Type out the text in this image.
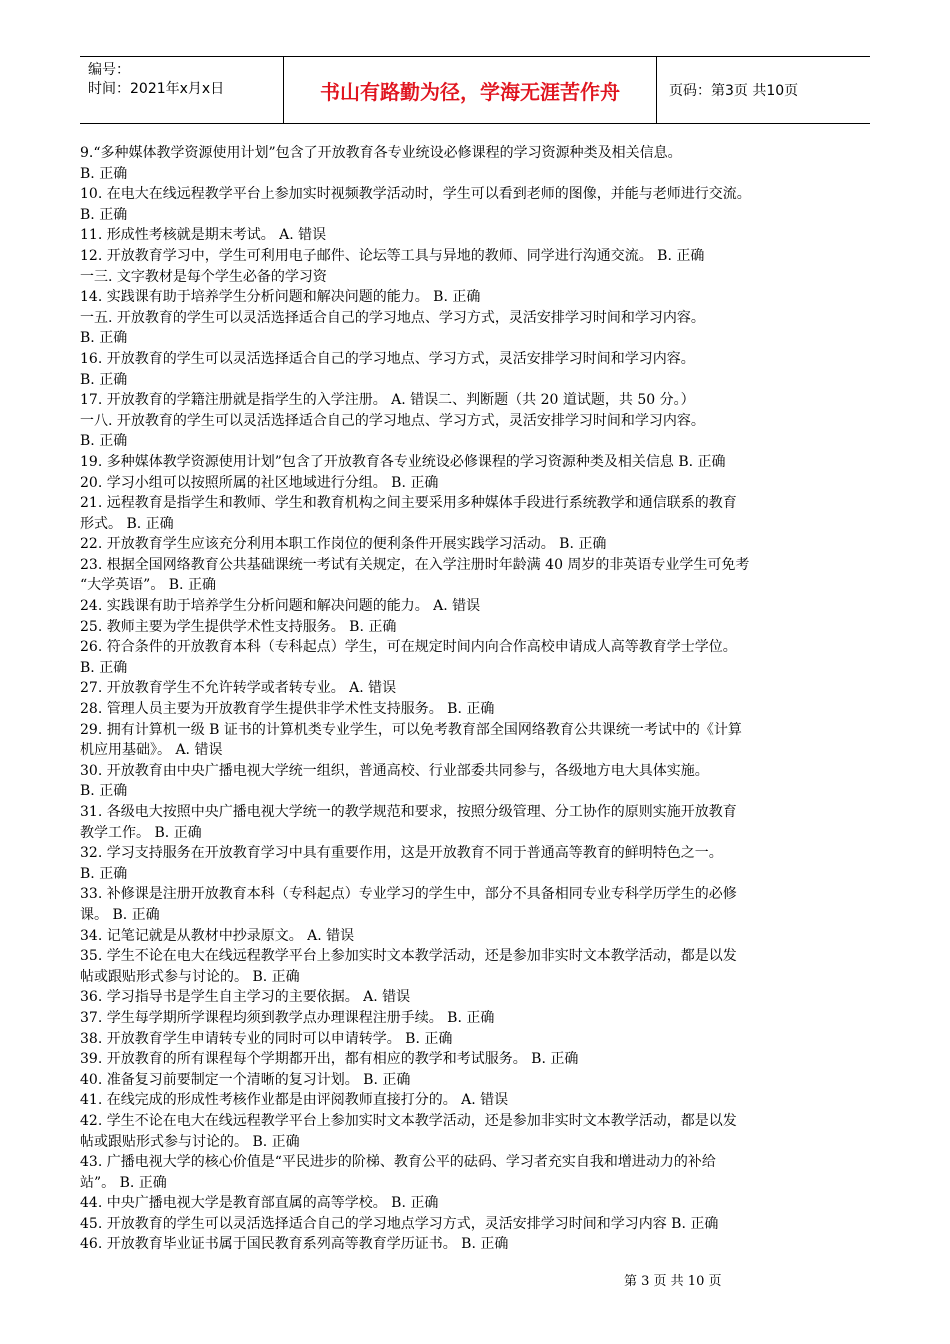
编号：
时间：2021年x月x日	书山有路勤为径，学海无涯苦作舟	页码：第3页 共10页
9.“多种媒体教学资源使用计划”包含了开放教育各专业统设必修课程的学习资源种类及相关信息。
B. 正确
10. 在电大在线远程教学平台上参加实时视频教学活动时，学生可以看到老师的图像，并能与老师进行交流。
B. 正确
11. 形成性考核就是期末考试。 A. 错误
12. 开放教育学习中，学生可利用电子邮件、论坛等工具与异地的教师、同学进行沟通交流。 B. 正确
一三. 文字教材是每个学生必备的学习资
14. 实践课有助于培养学生分析问题和解决问题的能力。 B. 正确
一五. 开放教育的学生可以灵活选择适合自己的学习地点、学习方式，灵活安排学习时间和学习内容。
B. 正确
16. 开放教育的学生可以灵活选择适合自己的学习地点、学习方式，灵活安排学习时间和学习内容。
B. 正确
17. 开放教育的学籍注册就是指学生的入学注册。 A. 错误二、判断题（共 20 道试题，共 50 分。）
一八. 开放教育的学生可以灵活选择适合自己的学习地点、学习方式，灵活安排学习时间和学习内容。
B. 正确
19. 多种媒体教学资源使用计划”包含了开放教育各专业统设必修课程的学习资源种类及相关信息 B. 正确
20. 学习小组可以按照所属的社区地域进行分组。 B. 正确
21. 远程教育是指学生和教师、学生和教育机构之间主要采用多种媒体手段进行系统教学和通信联系的教育
形式。 B. 正确
22. 开放教育学生应该充分利用本职工作岗位的便利条件开展实践学习活动。 B. 正确
23. 根据全国网络教育公共基础课统一考试有关规定，在入学注册时年龄满 40 周岁的非英语专业学生可免考
“大学英语”。 B. 正确
24. 实践课有助于培养学生分析问题和解决问题的能力。 A. 错误
25. 教师主要为学生提供学术性支持服务。 B. 正确
26. 符合条件的开放教育本科（专科起点）学生，可在规定时间内向合作高校申请成人高等教育学士学位。
B. 正确
27. 开放教育学生不允许转学或者转专业。 A. 错误
28. 管理人员主要为开放教育学生提供非学术性支持服务。 B. 正确
29. 拥有计算机一级 B 证书的计算机类专业学生，可以免考教育部全国网络教育公共课统一考试中的《计算
机应用基础》。 A. 错误
30. 开放教育由中央广播电视大学统一组织，普通高校、行业部委共同参与，各级地方电大具体实施。
B. 正确
31. 各级电大按照中央广播电视大学统一的教学规范和要求，按照分级管理、分工协作的原则实施开放教育
教学工作。 B. 正确
32. 学习支持服务在开放教育学习中具有重要作用，这是开放教育不同于普通高等教育的鲜明特色之一。
B. 正确
33. 补修课是注册开放教育本科（专科起点）专业学习的学生中，部分不具备相同专业专科学历学生的必修
课。 B. 正确
34. 记笔记就是从教材中抄录原文。 A. 错误
35. 学生不论在电大在线远程教学平台上参加实时文本教学活动，还是参加非实时文本教学活动，都是以发
帖或跟贴形式参与讨论的。 B. 正确
36. 学习指导书是学生自主学习的主要依据。 A. 错误
37. 学生每学期所学课程均须到教学点办理课程注册手续。 B. 正确
38. 开放教育学生申请转专业的同时可以申请转学。 B. 正确
39. 开放教育的所有课程每个学期都开出，都有相应的教学和考试服务。 B. 正确
40. 准备复习前要制定一个清晰的复习计划。 B. 正确
41. 在线完成的形成性考核作业都是由评阅教师直接打分的。 A. 错误
42. 学生不论在电大在线远程教学平台上参加实时文本教学活动，还是参加非实时文本教学活动，都是以发
帖或跟贴形式参与讨论的。 B. 正确
43. 广播电视大学的核心价值是“平民进步的阶梯、教育公平的砝码、学习者充实自我和增进动力的补给
站”。 B. 正确
44. 中央广播电视大学是教育部直属的高等学校。 B. 正确
45. 开放教育的学生可以灵活选择适合自己的学习地点学习方式，灵活安排学习时间和学习内容 B. 正确
46. 开放教育毕业证书属于国民教育系列高等教育学历证书。 B. 正确
第 3 页 共 10 页
